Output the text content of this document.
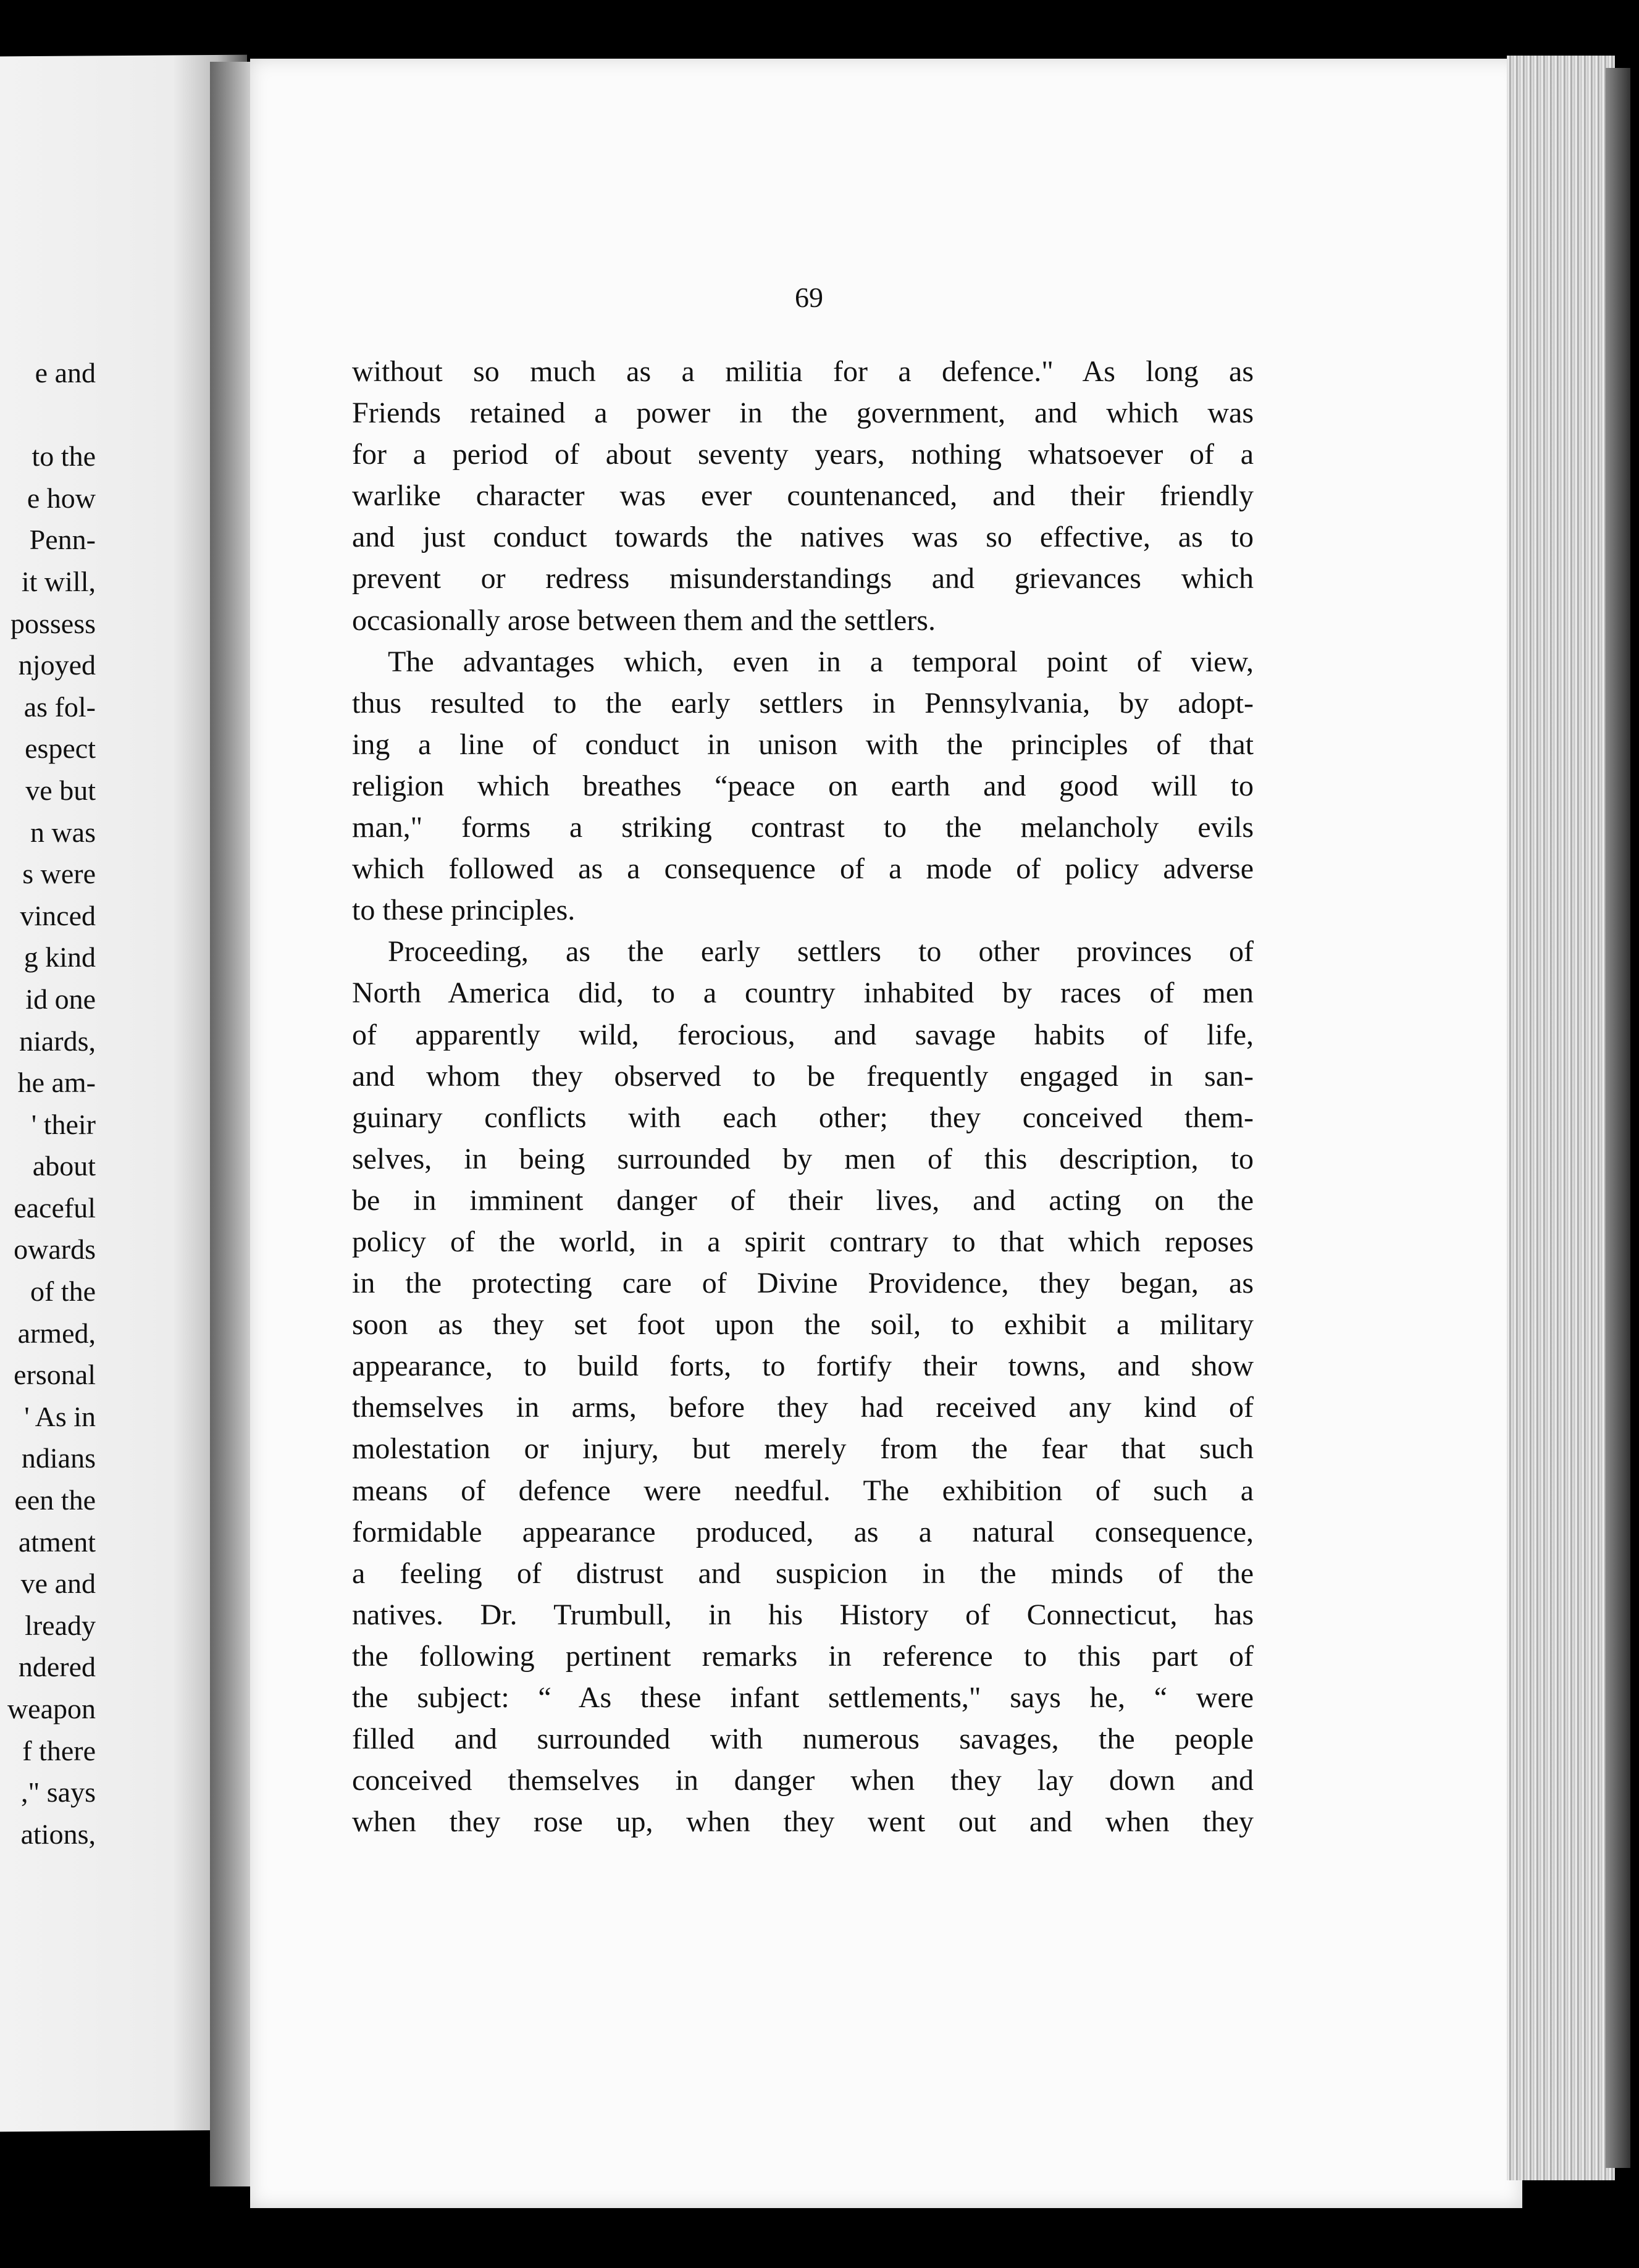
e and
to the
e how
Penn-
it will,
possess
njoyed
as fol-
espect
ve but
n was
s were
vinced
g kind
id one
niards,
he am-
' their
about
eaceful
owards
of the
armed,
ersonal
' As in
ndians
een the
atment
ve and
lready
ndered
weapon
f there
," says
ations,
69
without so much as a militia for a defence." As long as
Friends retained a power in the government, and which was
for a period of about seventy years, nothing whatsoever of a
warlike character was ever countenanced, and their friendly
and just conduct towards the natives was so effective, as to
prevent or redress misunderstandings and grievances which
occasionally arose between them and the settlers.
The advantages which, even in a temporal point of view,
thus resulted to the early settlers in Pennsylvania, by adopt-
ing a line of conduct in unison with the principles of that
religion which breathes “peace on earth and good will to
man," forms a striking contrast to the melancholy evils
which followed as a consequence of a mode of policy adverse
to these principles.
Proceeding, as the early settlers to other provinces of
North America did, to a country inhabited by races of men
of apparently wild, ferocious, and savage habits of life,
and whom they observed to be frequently engaged in san-
guinary conflicts with each other; they conceived them-
selves, in being surrounded by men of this description, to
be in imminent danger of their lives, and acting on the
policy of the world, in a spirit contrary to that which reposes
in the protecting care of Divine Providence, they began, as
soon as they set foot upon the soil, to exhibit a military
appearance, to build forts, to fortify their towns, and show
themselves in arms, before they had received any kind of
molestation or injury, but merely from the fear that such
means of defence were needful. The exhibition of such a
formidable appearance produced, as a natural consequence,
a feeling of distrust and suspicion in the minds of the
natives. Dr. Trumbull, in his History of Connecticut, has
the following pertinent remarks in reference to this part of
the subject: “ As these infant settlements," says he, “ were
filled and surrounded with numerous savages, the people
conceived themselves in danger when they lay down and
when they rose up, when they went out and when they
